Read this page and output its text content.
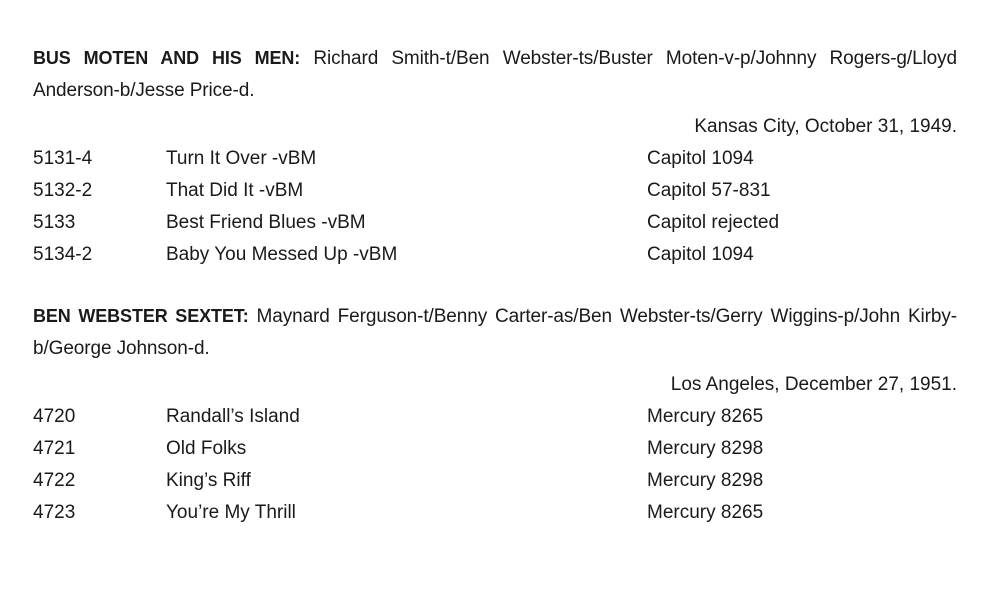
BUS MOTEN AND HIS MEN: Richard Smith-t/Ben Webster-ts/Buster Moten-v-p/Johnny Rogers-g/Lloyd Anderson-b/Jesse Price-d.
Kansas City, October 31, 1949.
5131-4	Turn It Over -vBM	Capitol 1094
5132-2	That Did It -vBM	Capitol 57-831
5133	Best Friend Blues -vBM	Capitol rejected
5134-2	Baby You Messed Up -vBM	Capitol 1094
BEN WEBSTER SEXTET: Maynard Ferguson-t/Benny Carter-as/Ben Webster-ts/Gerry Wiggins-p/John Kirby-b/George Johnson-d.
Los Angeles, December 27, 1951.
4720	Randall’s Island	Mercury 8265
4721	Old Folks	Mercury 8298
4722	King’s Riff	Mercury 8298
4723	You’re My Thrill	Mercury 8265
